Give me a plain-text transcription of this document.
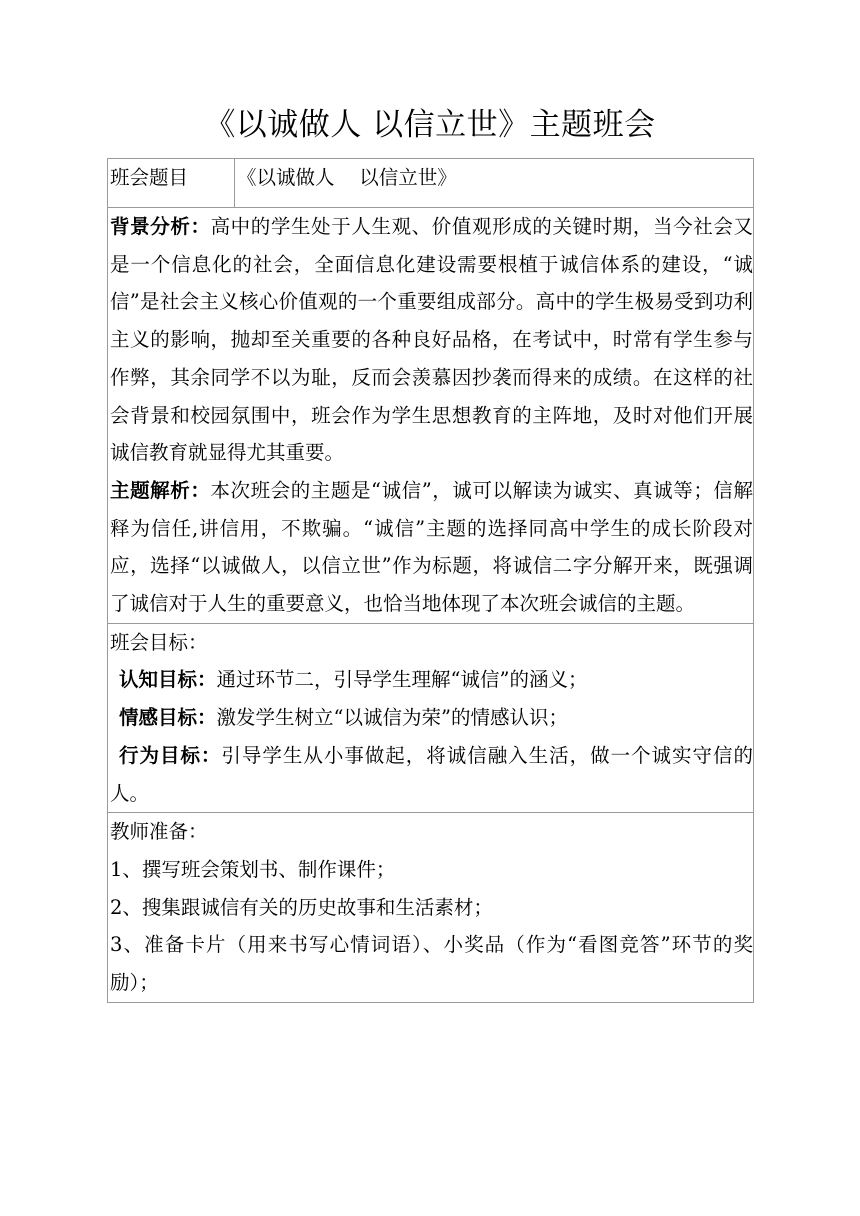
《以诚做人 以信立世》主题班会
班会题目	《以诚做人    以信立世》
背景分析：高中的学生处于人生观、价值观形成的关键时期，当今社会又是一个信息化的社会，全面信息化建设需要根植于诚信体系的建设，“诚信”是社会主义核心价值观的一个重要组成部分。高中的学生极易受到功利主义的影响，抛却至关重要的各种良好品格，在考试中，时常有学生参与作弊，其余同学不以为耻，反而会羡慕因抄袭而得来的成绩。在这样的社会背景和校园氛围中，班会作为学生思想教育的主阵地，及时对他们开展诚信教育就显得尤其重要。
主题解析：本次班会的主题是“诚信”，诚可以解读为诚实、真诚等；信解释为信任,讲信用，不欺骗。“诚信”主题的选择同高中学生的成长阶段对应，选择“以诚做人，以信立世”作为标题，将诚信二字分解开来，既强调了诚信对于人生的重要意义，也恰当地体现了本次班会诚信的主题。

班会目标：
认知目标：通过环节二，引导学生理解“诚信”的涵义；
情感目标：激发学生树立“以诚信为荣”的情感认识；
行为目标：引导学生从小事做起，将诚信融入生活，做一个诚实守信的人。

教师准备：
1、撰写班会策划书、制作课件；
2、搜集跟诚信有关的历史故事和生活素材；
3、准备卡片（用来书写心情词语）、小奖品（作为“看图竞答”环节的奖励）；
